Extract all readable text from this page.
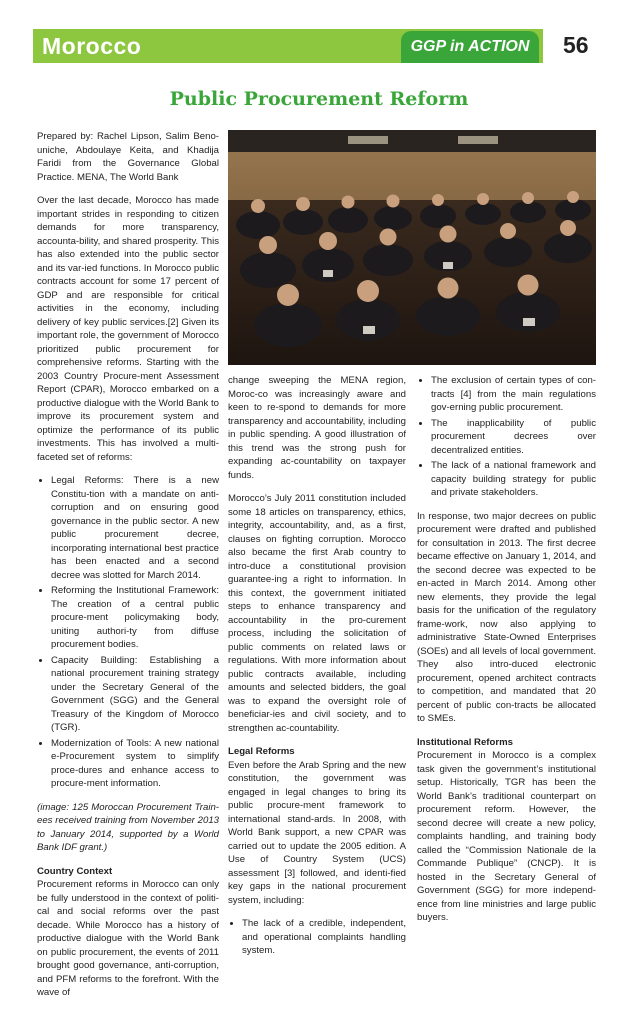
Morocco	GGP in ACTION	56
Public Procurement Reform

Prepared by: Rachel Lipson, Salim Beno-uniche, Abdoulaye Keita, and Khadija Faridi from the Governance Global Practice. MENA, The World Bank

Over the last decade, Morocco has made important strides in responding to citizen demands for more transparency, accounta-bility, and shared prosperity. This has also extended into the public sector and its var-ied functions. In Morocco public contracts account for some 17 percent of GDP and are responsible for critical activities in the economy, including delivery of key public services.[2] Given its important role, the government of Morocco prioritized public procurement for comprehensive reforms. Starting with the 2003 Country Procure-ment Assessment Report (CPAR), Morocco embarked on a productive dialogue with the World Bank to improve its procurement system and optimize the performance of its public investments. This has involved a multi-faceted set of reforms:

• Legal Reforms: There is a new Constitu-tion with a mandate on anti-corruption and on ensuring good governance in the public sector. A new public procurement decree, incorporating international best practice has been enacted and a second decree was slotted for March 2014.
• Reforming the Institutional Framework: The creation of a central public procure-ment policymaking body, uniting authori-ty from diffuse procurement bodies.
• Capacity Building: Establishing a national procurement training strategy under the Secretary General of the Government (SGG) and the General Treasury of the Kingdom of Morocco (TGR).
• Modernization of Tools: A new national e-Procurement system to simplify proce-dures and enhance access to procure-ment information.

(image: 125 Moroccan Procurement Train-ees received training from November 2013 to January 2014, supported by a World Bank IDF grant.)

Country Context

Procurement reforms in Morocco can only be fully understood in the context of politi-cal and social reforms over the past decade. While Morocco has a history of productive dialogue with the World Bank on public procurement, the events of 2011 brought good governance, anti-corruption, and PFM reforms to the forefront. With the wave of

change sweeping the MENA region, Moroc-co was increasingly aware and keen to re-spond to demands for more transparency and accountability, including in public spending. A good illustration of this trend was the strong push for expanding ac-countability on taxpayer funds.

Morocco’s July 2011 constitution included some 18 articles on transparency, ethics, integrity, accountability, and, as a first, clauses on fighting corruption. Morocco also became the first Arab country to intro-duce a constitutional provision guarantee-ing a right to information. In this context, the government initiated steps to enhance transparency and accountability in the pro-curement process, including the solicitation of public comments on related laws or regulations. With more information about public contracts available, including amounts and selected bidders, the goal was to expand the oversight role of beneficiar-ies and civil society, and to strengthen ac-countability.

Legal Reforms

Even before the Arab Spring and the new constitution, the government was engaged in legal changes to bring its public procure-ment framework to international stand-ards. In 2008, with World Bank support, a new CPAR was carried out to update the 2005 edition. A Use of Country System (UCS) assessment [3] followed, and identi-fied key gaps in the national procurement system, including:

• The lack of a credible, independent, and operational complaints handling system.
• The exclusion of certain types of con-tracts [4] from the main regulations gov-erning public procurement.
• The inapplicability of public procurement decrees over decentralized entities.
• The lack of a national framework and capacity building strategy for public and private stakeholders.

In response, two major decrees on public procurement were drafted and published for consultation in 2013. The first decree became effective on January 1, 2014, and the second decree was expected to be en-acted in March 2014. Among other new elements, they provide the legal basis for the unification of the regulatory frame-work, now also applying to administrative State-Owned Enterprises (SOEs) and all levels of local government. They also intro-duced electronic procurement, opened architect contracts to competition, and mandated that 20 percent of public con-tracts be allocated to SMEs.

Institutional Reforms

Procurement in Morocco is a complex task given the government’s institutional setup. Historically, TGR has been the World Bank’s traditional counterpart on procurement reform. However, the second decree will create a new policy, complaints handling, and training body called the “Commission Nationale de la Commande Publique” (CNCP). It is hosted in the Secretary General of Government (SGG) for more independ-ence from line ministries and large public buyers.
